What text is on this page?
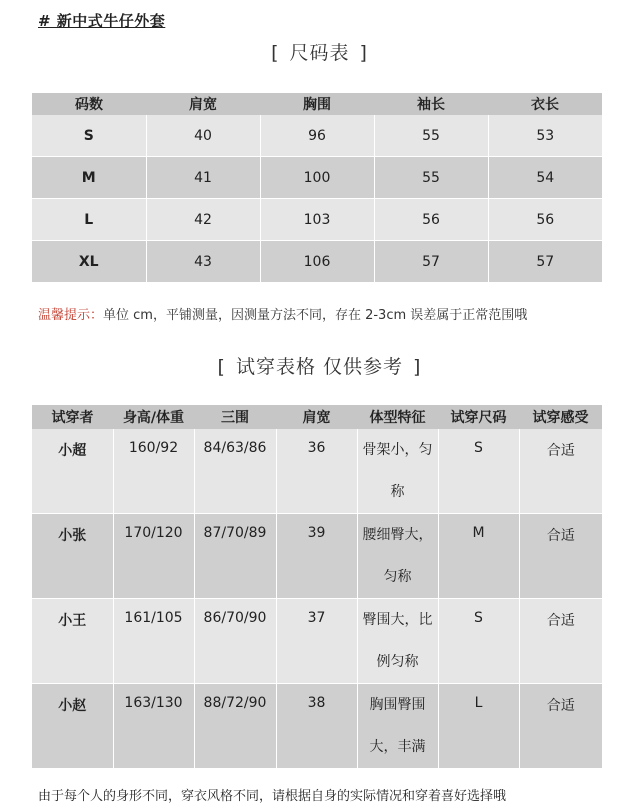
# 新中式牛仔外套
[ 尺码表 ]
码数	肩宽	胸围	袖长	衣长
S	40	96	55	53
M	41	100	55	54
L	42	103	56	56
XL	43	106	57	57
温馨提示：单位 cm，平铺测量，因测量方法不同，存在 2-3cm 误差属于正常范围哦
[ 试穿表格 仅供参考 ]
试穿者	身高/体重	三围	肩宽	体型特征	试穿尺码	试穿感受
小超	160/92	84/63/86	36	骨架小，匀称	S	合适
小张	170/120	87/70/89	39	腰细臀大，匀称	M	合适
小王	161/105	86/70/90	37	臀围大，比例匀称	S	合适
小赵	163/130	88/72/90	38	胸围臀围大，丰满	L	合适
由于每个人的身形不同，穿衣风格不同，请根据自身的实际情况和穿着喜好选择哦
